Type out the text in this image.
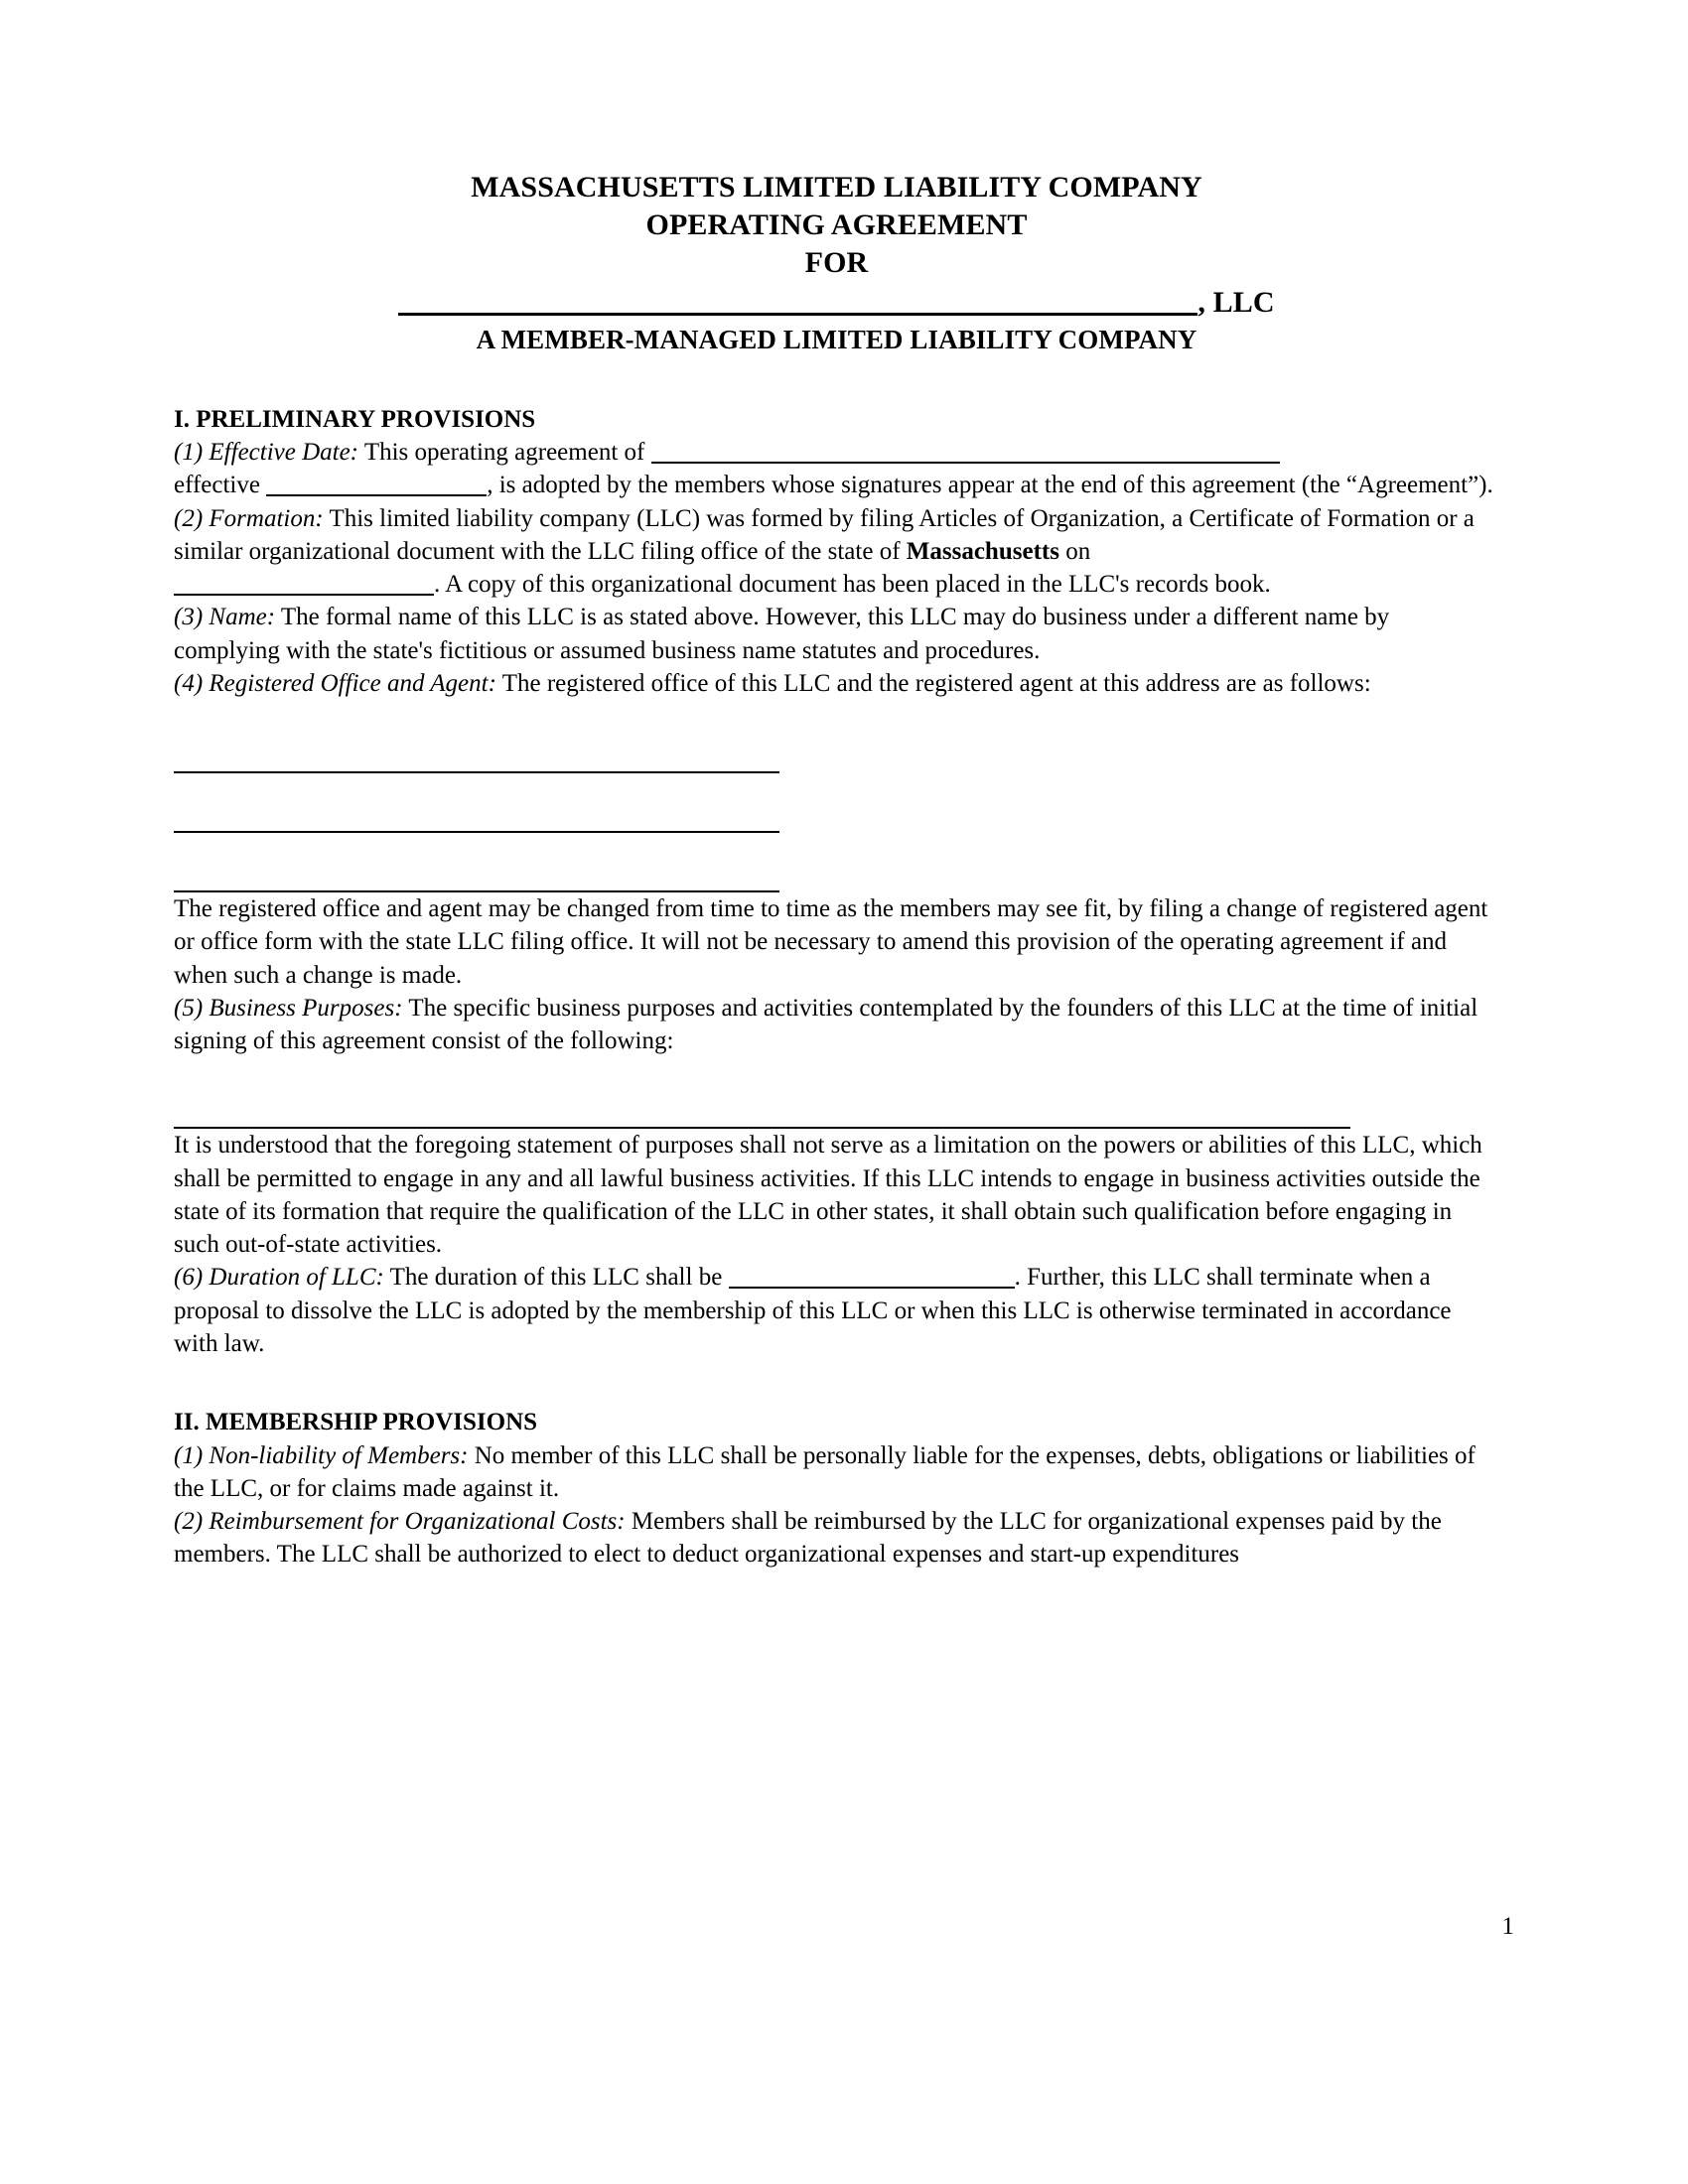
MASSACHUSETTS LIMITED LIABILITY COMPANY
OPERATING AGREEMENT
FOR
, LLC
A MEMBER-MANAGED LIMITED LIABILITY COMPANY
I. PRELIMINARY PROVISIONS

(1) Effective Date: This operating agreement of
effective	, is adopted by the members whose signatures appear at the end of this agreement (the “Agreement”).

(2) Formation: This limited liability company (LLC) was formed by filing Articles of Organization, a Certificate of Formation or a similar organizational document with the LLC filing office of the state of Massachusetts on
. A copy of this organizational document has been placed in the LLC's records book.

(3) Name: The formal name of this LLC is as stated above. However, this LLC may do business under a different name by complying with the state's fictitious or assumed business name statutes and procedures.

(4) Registered Office and Agent: The registered office of this LLC and the registered agent at this address are as follows:

The registered office and agent may be changed from time to time as the members may see fit, by filing a change of registered agent or office form with the state LLC filing office. It will not be necessary to amend this provision of the operating agreement if and when such a change is made.

(5) Business Purposes: The specific business purposes and activities contemplated by the founders of this LLC at the time of initial signing of this agreement consist of the following:

It is understood that the foregoing statement of purposes shall not serve as a limitation on the powers or abilities of this LLC, which shall be permitted to engage in any and all lawful business activities. If this LLC intends to engage in business activities outside the state of its formation that require the qualification of the LLC in other states, it shall obtain such qualification before engaging in such out-of-state activities.

(6) Duration of LLC: The duration of this LLC shall be	. Further, this LLC shall terminate when a proposal to dissolve the LLC is adopted by the membership of this LLC or when this LLC is otherwise terminated in accordance with law.

II. MEMBERSHIP PROVISIONS

(1) Non-liability of Members: No member of this LLC shall be personally liable for the expenses, debts, obligations or liabilities of the LLC, or for claims made against it.

(2) Reimbursement for Organizational Costs: Members shall be reimbursed by the LLC for organizational expenses paid by the members. The LLC shall be authorized to elect to deduct organizational expenses and start-up expenditures

1
